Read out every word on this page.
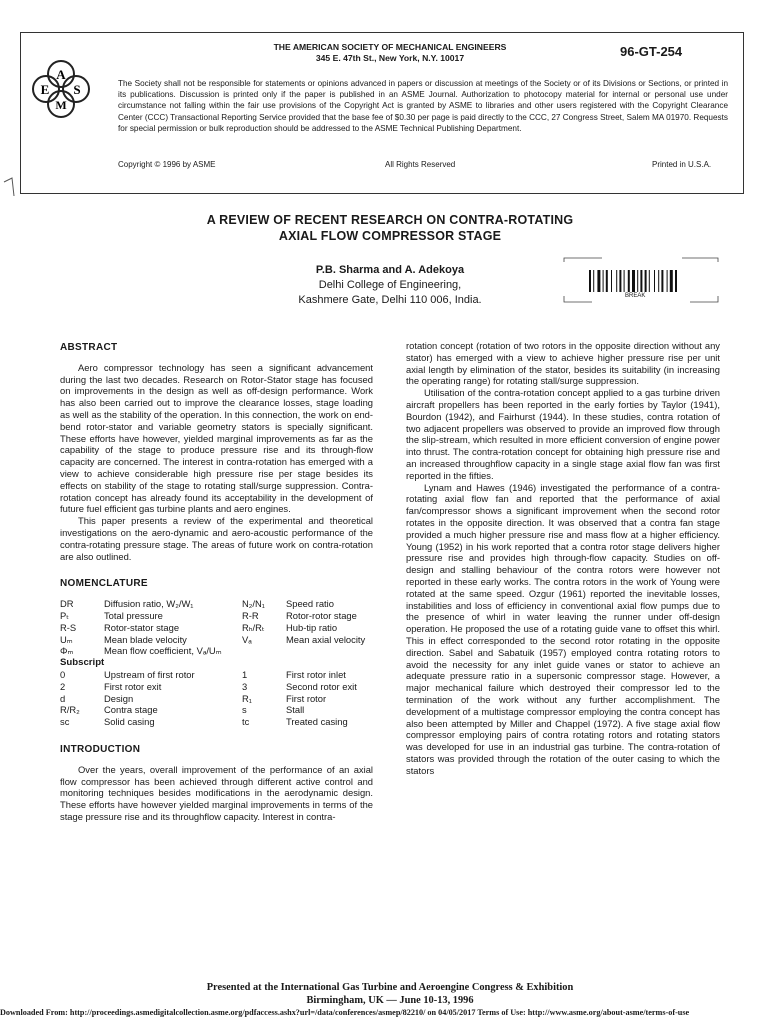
A
E S
M
THE AMERICAN SOCIETY OF MECHANICAL ENGINEERS
345 E. 47th St., New York, N.Y. 10017	96-GT-254
The Society shall not be responsible for statements or opinions advanced in papers or discussion at meetings of the Society or of its Divisions or Sections, or printed in its publications. Discussion is printed only if the paper is published in an ASME Journal. Authorization to photocopy material for internal or personal use under circumstance not falling within the fair use provisions of the Copyright Act is granted by ASME to libraries and other users registered with the Copyright Clearance Center (CCC) Transactional Reporting Service provided that the base fee of $0.30 per page is paid directly to the CCC, 27 Congress Street, Salem MA 01970. Requests for special permission or bulk reproduction should be addressed to the ASME Technical Publishing Department.
Copyright © 1996 by ASME	All Rights Reserved	Printed in U.S.A.
A REVIEW OF RECENT RESEARCH ON CONTRA-ROTATING
AXIAL FLOW COMPRESSOR STAGE
P.B. Sharma and A. Adekoya
Delhi College of Engineering,
Kashmere Gate, Delhi 110 006, India.	BREAK
ABSTRACT

Aero compressor technology has seen a significant advancement during the last two decades. Research on Rotor-Stator stage has focused on improvements in the design as well as off-design performance. Work has also been carried out to improve the clearance losses, stage loading as well as the stability of the operation. In this connection, the work on end-bend rotor-stator and variable geometry stators is specially significant. These efforts have however, yielded marginal improvements as far as the capability of the stage to produce pressure rise and its through-flow capacity are concerned. The interest in contra-rotation has emerged with a view to achieve considerable high pressure rise per stage besides its effects on stability of the stage to rotating stall/surge suppression. Contra-rotation concept has already found its acceptability in the development of future fuel efficient gas turbine plants and aero engines.

This paper presents a review of the experimental and theoretical investigations on the aero-dynamic and aero-acoustic performance of the contra-rotating pressure stage. The areas of future work on contra-rotation are also outlined.

NOMENCLATURE
DR	Diffusion ratio, W₂/W₁	N₂/N₁	Speed ratio
Pₜ	Total pressure	R-R	Rotor-rotor stage
R-S	Rotor-stator stage	Rₕ/Rₜ	Hub-tip ratio
Uₘ	Mean blade velocity	Vₐ	Mean axial velocity
Φₘ	Mean flow coefficient, Vₐ/Uₘ		
Subscript			
0	Upstream of first rotor	1	First rotor inlet
2	First rotor exit	3	Second rotor exit
d	Design	R₁	First rotor
R/R₂	Contra stage	s	Stall
sc	Solid casing	tc	Treated casing
INTRODUCTION

Over the years, overall improvement of the performance of an axial flow compressor has been achieved through different active control and monitoring techniques besides modifications in the aerodynamic design. These efforts have however yielded marginal improvements in terms of the stage pressure rise and its throughflow capacity. Interest in contra-

rotation concept (rotation of two rotors in the opposite direction without any stator) has emerged with a view to achieve higher pressure rise per unit axial length by elimination of the stator, besides its suitability (in increasing the operating range) for rotating stall/surge suppression.

Utilisation of the contra-rotation concept applied to a gas turbine driven aircraft propellers has been reported in the early forties by Taylor (1941), Bourdon (1942), and Fairhurst (1944). In these studies, contra rotation of two adjacent propellers was observed to provide an improved flow through the slip-stream, which resulted in more efficient conversion of engine power into thrust. The contra-rotation concept for obtaining high pressure rise and an increased throughflow capacity in a single stage axial flow fan was first reported in the fifties.

Lynam and Hawes (1946) investigated the performance of a contra-rotating axial flow fan and reported that the performance of axial fan/compressor shows a significant improvement when the second rotor rotates in the opposite direction. It was observed that a contra fan stage provided a much higher pressure rise and mass flow at a higher efficiency. Young (1952) in his work reported that a contra rotor stage delivers higher pressure rise and provides high through-flow capacity. Studies on off-design and stalling behaviour of the contra rotors were however not reported in these early works. The contra rotors in the work of Young were rotated at the same speed. Ozgur (1961) reported the inevitable losses, instabilities and loss of efficiency in conventional axial flow pumps due to the presence of whirl in water leaving the runner under off-design operation. He proposed the use of a rotating guide vane to offset this whirl. This in effect corresponded to the second rotor rotating in the opposite direction. Sabel and Sabatuik (1957) employed contra rotating rotors to avoid the necessity for any inlet guide vanes or stator to achieve an adequate pressure ratio in a supersonic compressor stage. However, a major mechanical failure which destroyed their compressor led to the termination of the work without any further accomplishment. The development of a multistage compressor employing the contra concept has also been attempted by Miller and Chappel (1972). A five stage axial flow compressor employing pairs of contra rotating rotors and rotating stators was developed for use in an industrial gas turbine. The contra-rotation of stators was provided through the rotation of the outer casing to which the stators

Presented at the International Gas Turbine and Aeroengine Congress & Exhibition
Birmingham, UK — June 10-13, 1996
Downloaded From: http://proceedings.asmedigitalcollection.asme.org/pdfaccess.ashx?url=/data/conferences/asmep/82210/ on 04/05/2017 Terms of Use: http://www.asme.org/about-asme/terms-of-use
